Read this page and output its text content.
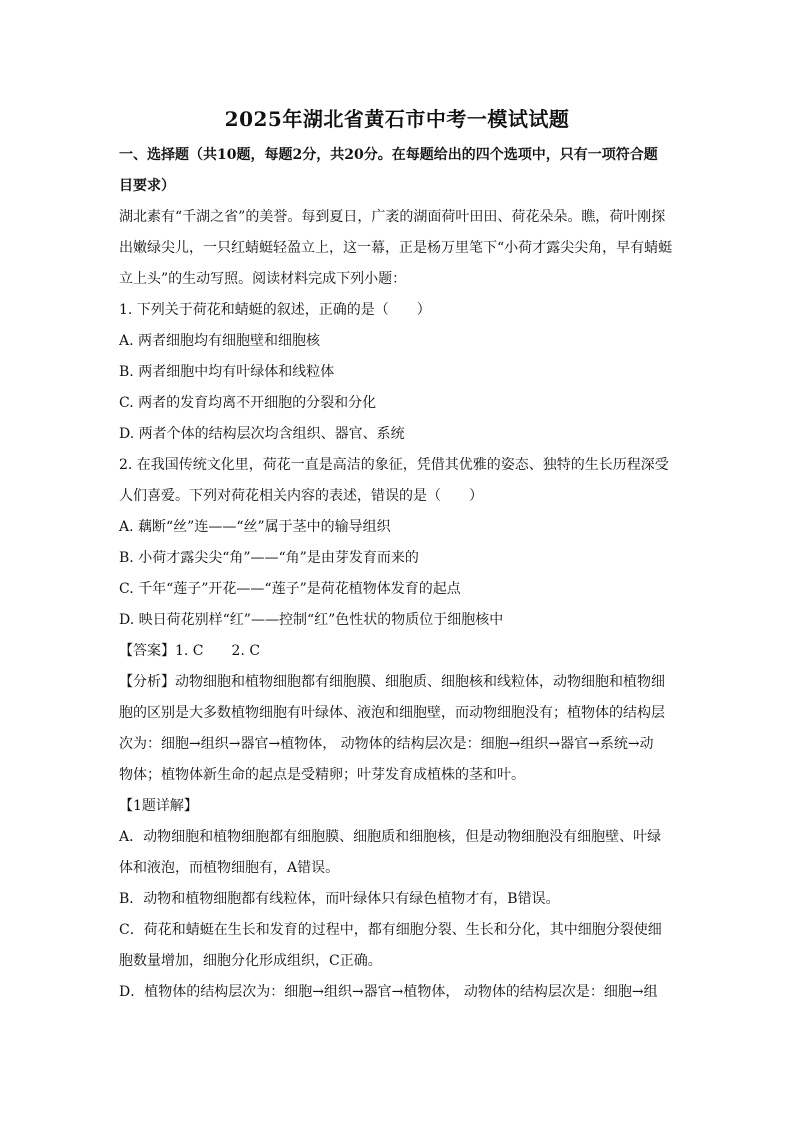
2025年湖北省黄石市中考一模试试题
一、选择题（共10题，每题2分，共20分。在每题给出的四个选项中，只有一项符合题
目要求）
湖北素有“千湖之省”的美誉。每到夏日，广袤的湖面荷叶田田、荷花朵朵。瞧，荷叶刚探
出嫩绿尖儿，一只红蜻蜓轻盈立上，这一幕，正是杨万里笔下“小荷才露尖尖角，早有蜻蜓
立上头”的生动写照。阅读材料完成下列小题：
1. 下列关于荷花和蜻蜓的叙述，正确的是（　　）
A. 两者细胞均有细胞壁和细胞核
B. 两者细胞中均有叶绿体和线粒体
C. 两者的发育均离不开细胞的分裂和分化
D. 两者个体的结构层次均含组织、器官、系统
2. 在我国传统文化里，荷花一直是高洁的象征，凭借其优雅的姿态、独特的生长历程深受
人们喜爱。下列对荷花相关内容的表述，错误的是（　　）
A. 藕断“丝”连——“丝”属于茎中的输导组织
B. 小荷才露尖尖“角”——“角”是由芽发育而来的
C. 千年“莲子”开花——“莲子”是荷花植物体发育的起点
D. 映日荷花别样“红”——控制“红”色性状的物质位于细胞核中
【答案】1. C　　2. C
【分析】动物细胞和植物细胞都有细胞膜、细胞质、细胞核和线粒体，动物细胞和植物细
胞的区别是大多数植物细胞有叶绿体、液泡和细胞壁，而动物细胞没有；植物体的结构层
次为：细胞→组织→器官→植物体， 动物体的结构层次是：细胞→组织→器官→系统→动
物体；植物体新生命的起点是受精卵；叶芽发育成植株的茎和叶。
【1题详解】
A．动物细胞和植物细胞都有细胞膜、细胞质和细胞核，但是动物细胞没有细胞壁、叶绿
体和液泡，而植物细胞有，A错误。
B．动物和植物细胞都有线粒体，而叶绿体只有绿色植物才有，B错误。
C．荷花和蜻蜓在生长和发育的过程中，都有细胞分裂、生长和分化，其中细胞分裂使细
胞数量增加，细胞分化形成组织，C正确。
D．植物体的结构层次为：细胞→组织→器官→植物体， 动物体的结构层次是：细胞→组
